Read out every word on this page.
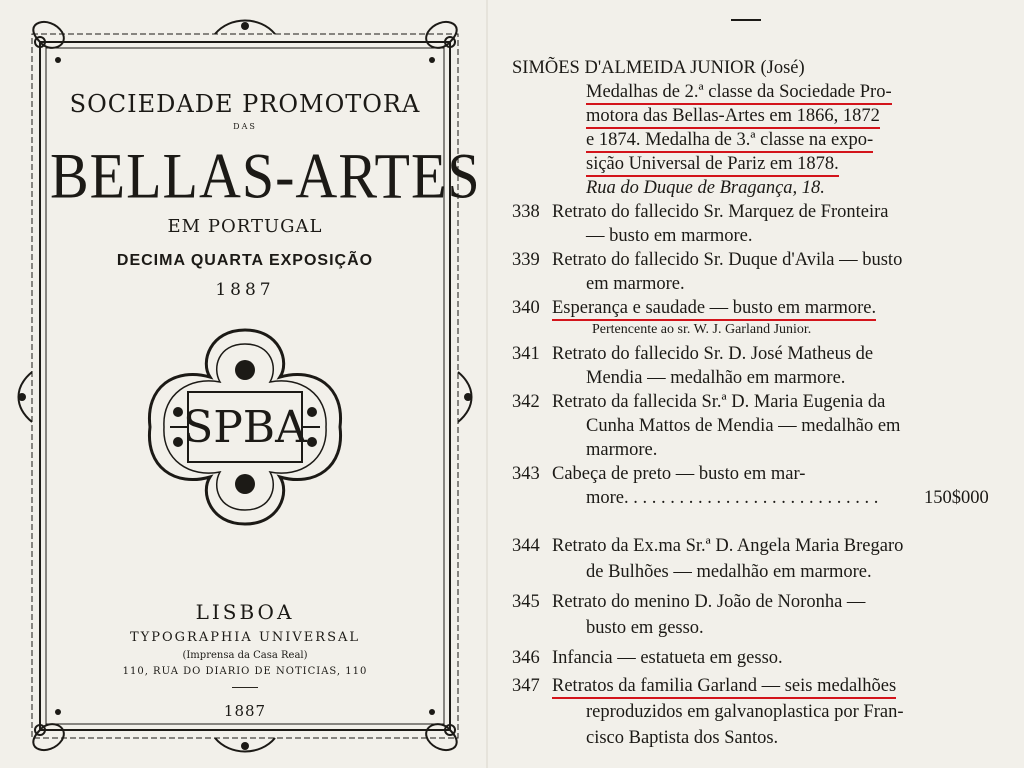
SOCIEDADE PROMOTORA
DAS
BELLAS-ARTES
EM PORTUGAL
DECIMA QUARTA EXPOSIÇÃO
1887
SPBA
LISBOA
TYPOGRAPHIA UNIVERSAL
(Imprensa da Casa Real)
110, RUA DO DIARIO DE NOTICIAS, 110
1887
SIMÕES D'ALMEIDA JUNIOR (José)
Medalhas de 2.ª classe da Sociedade Pro-
motora das Bellas-Artes em 1866, 1872
e 1874. Medalha de 3.ª classe na expo-
sição Universal de Pariz em 1878.
Rua do Duque de Bragança, 18.
338 Retrato do fallecido Sr. Marquez de Fronteira
— busto em marmore.
339 Retrato do fallecido Sr. Duque d'Avila — busto
em marmore.
340 Esperança e saudade — busto em marmore.
Pertencente ao sr. W. J. Garland Junior.
341 Retrato do fallecido Sr. D. José Matheus de
Mendia — medalhão em marmore.
342 Retrato da fallecida Sr.ª D. Maria Eugenia da
Cunha Mattos de Mendia — medalhão em
marmore.
343 Cabeça de preto — busto em mar-
more. . . . . . . . . . . . . . . . . . . . . . . . . . . . 150$000
344 Retrato da Ex.ma Sr.ª D. Angela Maria Bregaro
de Bulhões — medalhão em marmore.
345 Retrato do menino D. João de Noronha —
busto em gesso.
346 Infancia — estatueta em gesso.
347 Retratos da familia Garland — seis medalhões
reproduzidos em galvanoplastica por Fran-
cisco Baptista dos Santos.
